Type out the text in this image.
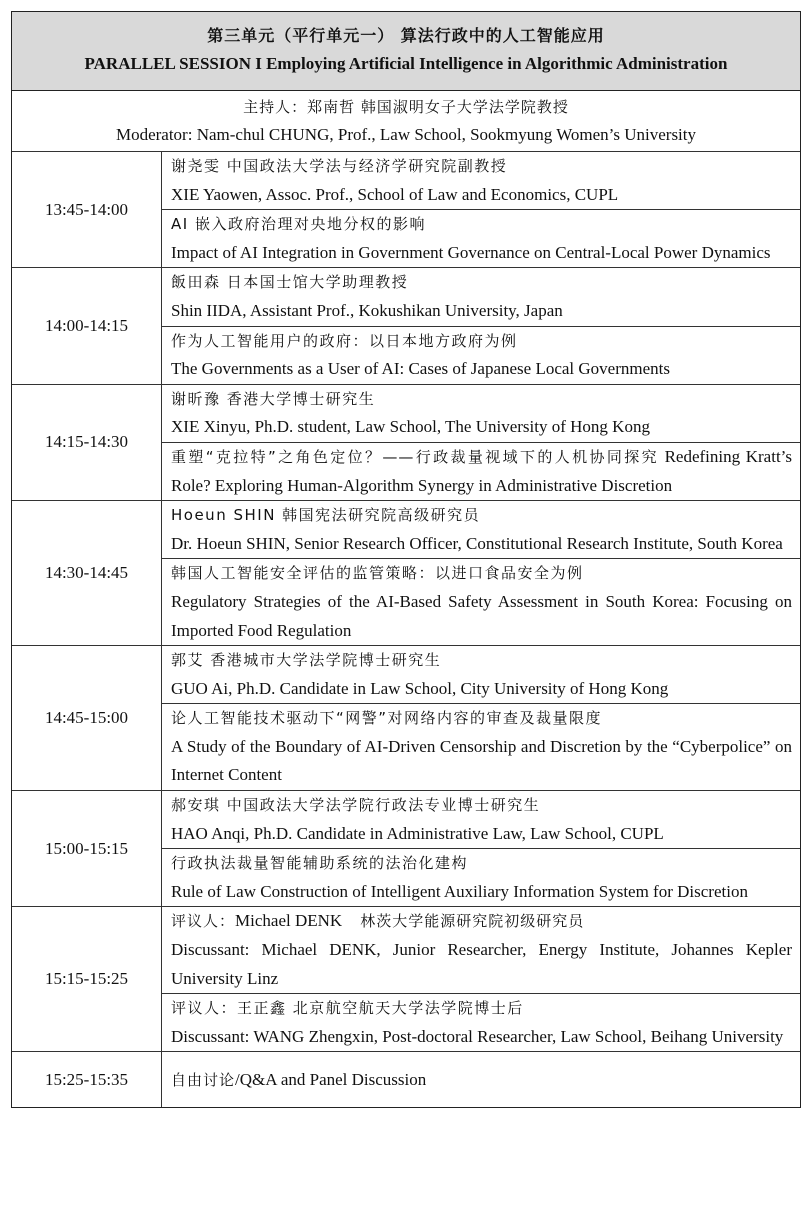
第三单元（平行单元一） 算法行政中的人工智能应用
PARALLEL SESSION I Employing Artificial Intelligence in Algorithmic Administration
主持人：郑南哲 韩国淑明女子大学法学院教授
Moderator: Nam-chul CHUNG, Prof., Law School, Sookmyung Women’s University
13:45-14:00
谢尧雯 中国政法大学法与经济学研究院副教授
XIE Yaowen, Assoc. Prof., School of Law and Economics, CUPL
AI 嵌入政府治理对央地分权的影响
Impact of AI Integration in Government Governance on Central-Local Power Dynamics
14:00-14:15
飯田森 日本国士馆大学助理教授
Shin IIDA, Assistant Prof., Kokushikan University, Japan
作为人工智能用户的政府：以日本地方政府为例
The Governments as a User of AI: Cases of Japanese Local Governments
14:15-14:30
谢昕豫 香港大学博士研究生
XIE Xinyu, Ph.D. student, Law School, The University of Hong Kong
重塑“克拉特”之角色定位？——行政裁量视域下的人机协同探究 Redefining Kratt’s Role? Exploring Human-Algorithm Synergy in Administrative Discretion
14:30-14:45
Hoeun SHIN 韩国宪法研究院高级研究员
Dr. Hoeun SHIN, Senior Research Officer, Constitutional Research Institute, South Korea
韩国人工智能安全评估的监管策略：以进口食品安全为例
Regulatory Strategies of the AI-Based Safety Assessment in South Korea: Focusing on Imported Food Regulation
14:45-15:00
郭艾 香港城市大学法学院博士研究生
GUO Ai, Ph.D. Candidate in Law School, City University of Hong Kong
论人工智能技术驱动下“网警”对网络内容的审查及裁量限度
A Study of the Boundary of AI-Driven Censorship and Discretion by the “Cyberpolice” on Internet Content
15:00-15:15
郝安琪 中国政法大学法学院行政法专业博士研究生
HAO Anqi, Ph.D. Candidate in Administrative Law, Law School, CUPL
行政执法裁量智能辅助系统的法治化建构
Rule of Law Construction of Intelligent Auxiliary Information System for Discretion
15:15-15:25
评议人：Michael DENK 林茨大学能源研究院初级研究员
Discussant: Michael DENK, Junior Researcher, Energy Institute, Johannes Kepler University Linz
评议人：王正鑫 北京航空航天大学法学院博士后
Discussant: WANG Zhengxin, Post-doctoral Researcher, Law School, Beihang University
15:25-15:35	自由讨论/Q&A and Panel Discussion
